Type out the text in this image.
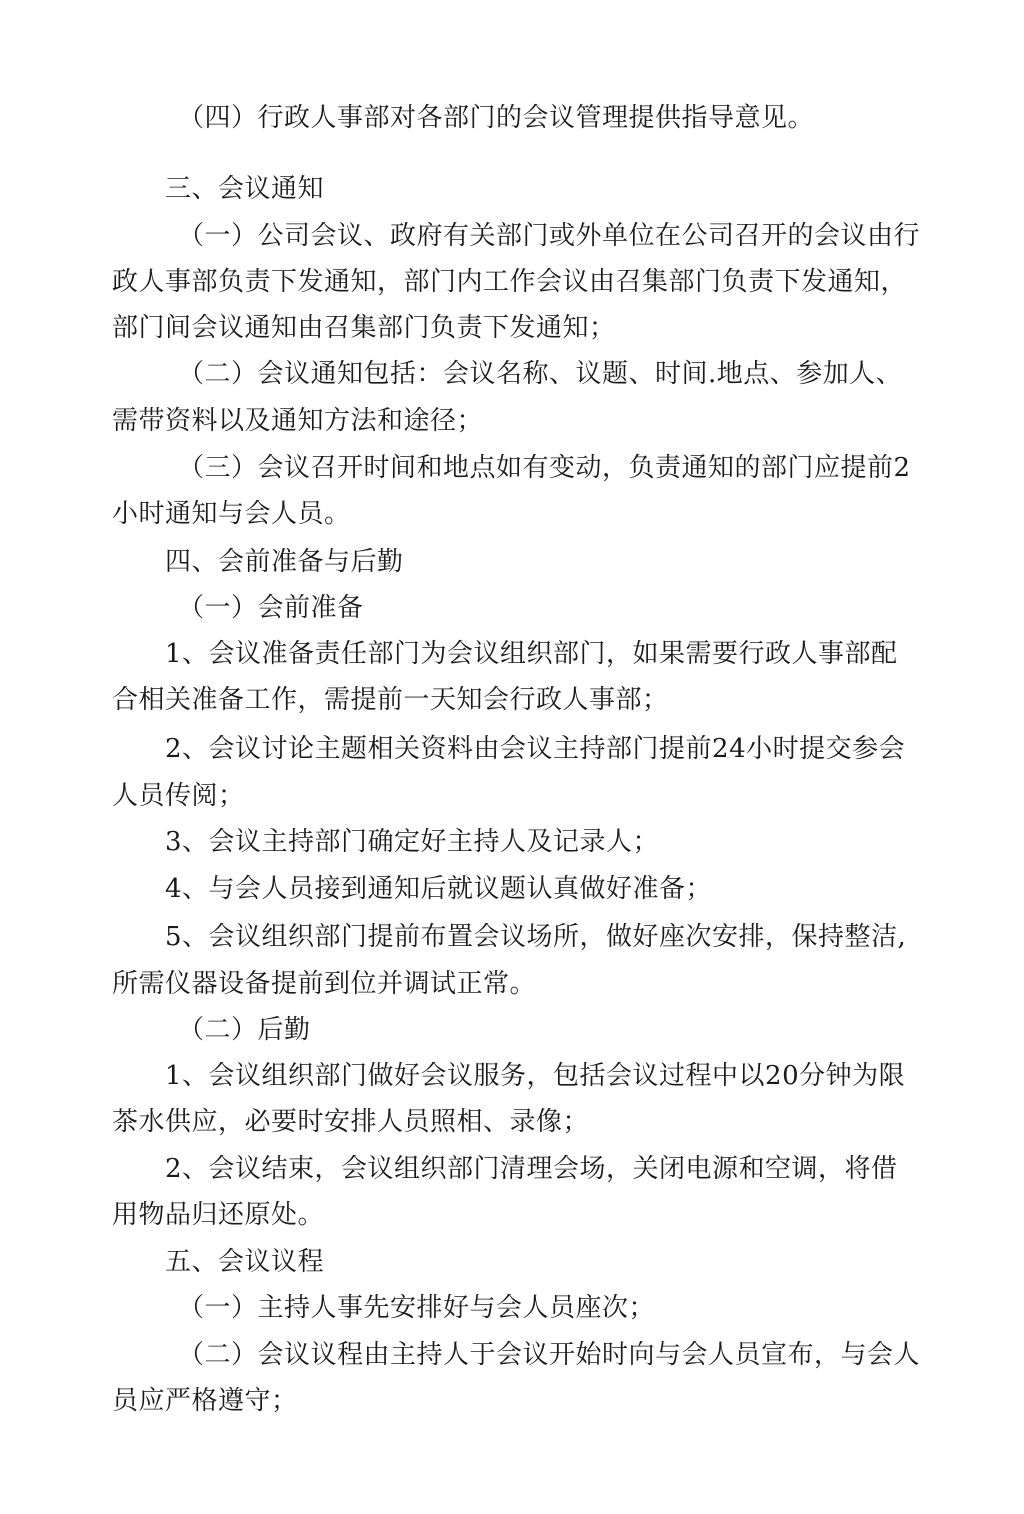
（四）行政人事部对各部门的会议管理提供指导意见。
三、会议通知
（一）公司会议、政府有关部门或外单位在公司召开的会议由行
政人事部负责下发通知，部门内工作会议由召集部门负责下发通知，
部门间会议通知由召集部门负责下发通知；
（二）会议通知包括：会议名称、议题、时间.地点、参加人、
需带资料以及通知方法和途径；
（三）会议召开时间和地点如有变动，负责通知的部门应提前2
小时通知与会人员。
四、会前准备与后勤
（一）会前准备
1、会议准备责任部门为会议组织部门，如果需要行政人事部配
合相关准备工作，需提前一天知会行政人事部；
2、会议讨论主题相关资料由会议主持部门提前24小时提交参会
人员传阅；
3、会议主持部门确定好主持人及记录人；
4、与会人员接到通知后就议题认真做好准备；
5、会议组织部门提前布置会议场所，做好座次安排，保持整洁,
所需仪器设备提前到位并调试正常。
（二）后勤
1、会议组织部门做好会议服务，包括会议过程中以20分钟为限
茶水供应，必要时安排人员照相、录像；
2、会议结束，会议组织部门清理会场，关闭电源和空调，将借
用物品归还原处。
五、会议议程
（一）主持人事先安排好与会人员座次；
（二）会议议程由主持人于会议开始时向与会人员宣布，与会人
员应严格遵守；
